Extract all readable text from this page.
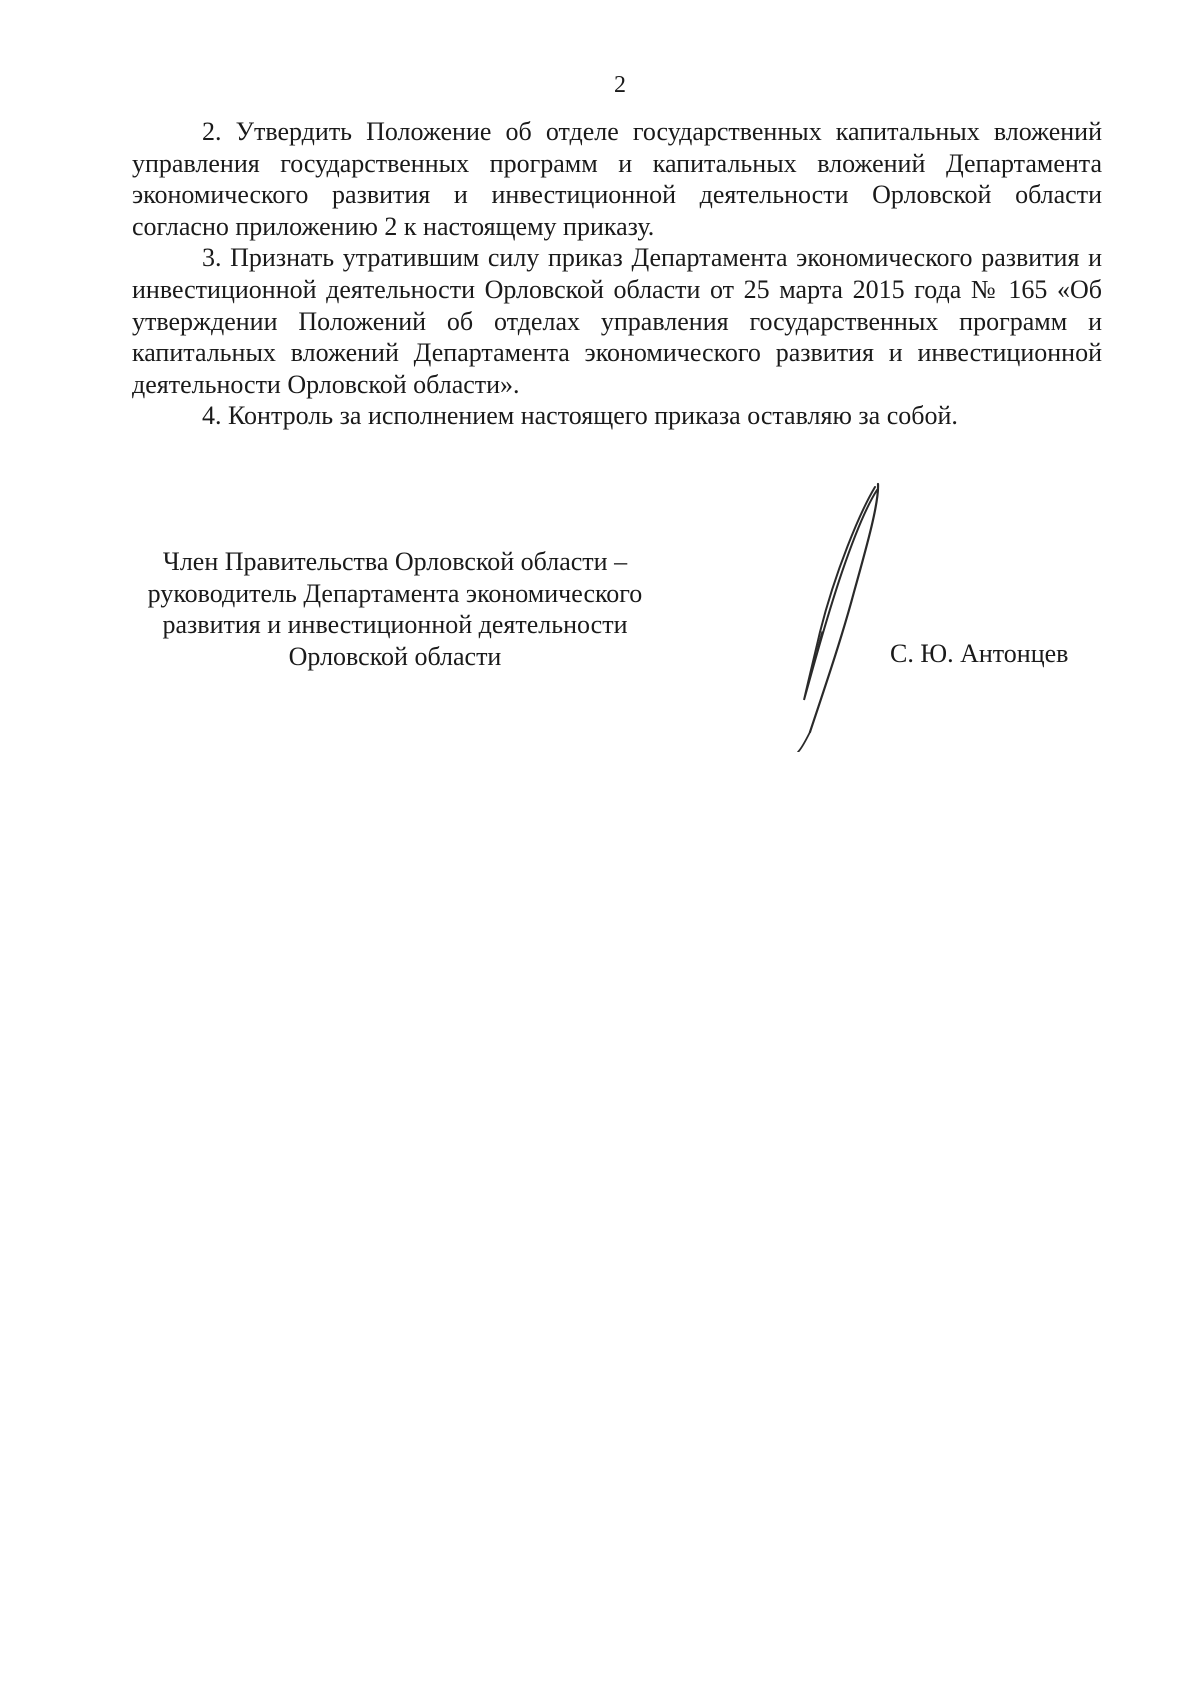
2

2. Утвердить Положение об отделе государственных капитальных вложений управления государственных программ и капитальных вложений Департамента экономического развития и инвестиционной деятельности Орловской области согласно приложению 2 к настоящему приказу.

3. Признать утратившим силу приказ Департамента экономического развития и инвестиционной деятельности Орловской области от 25 марта 2015 года № 165 «Об утверждении Положений об отделах управления государственных программ и капитальных вложений Департамента экономического развития и инвестиционной деятельности Орловской области».

4. Контроль за исполнением настоящего приказа оставляю за собой.

Член Правительства Орловской области –
руководитель Департамента экономического
развития и инвестиционной деятельности
Орловской области	С. Ю. Антонцев
